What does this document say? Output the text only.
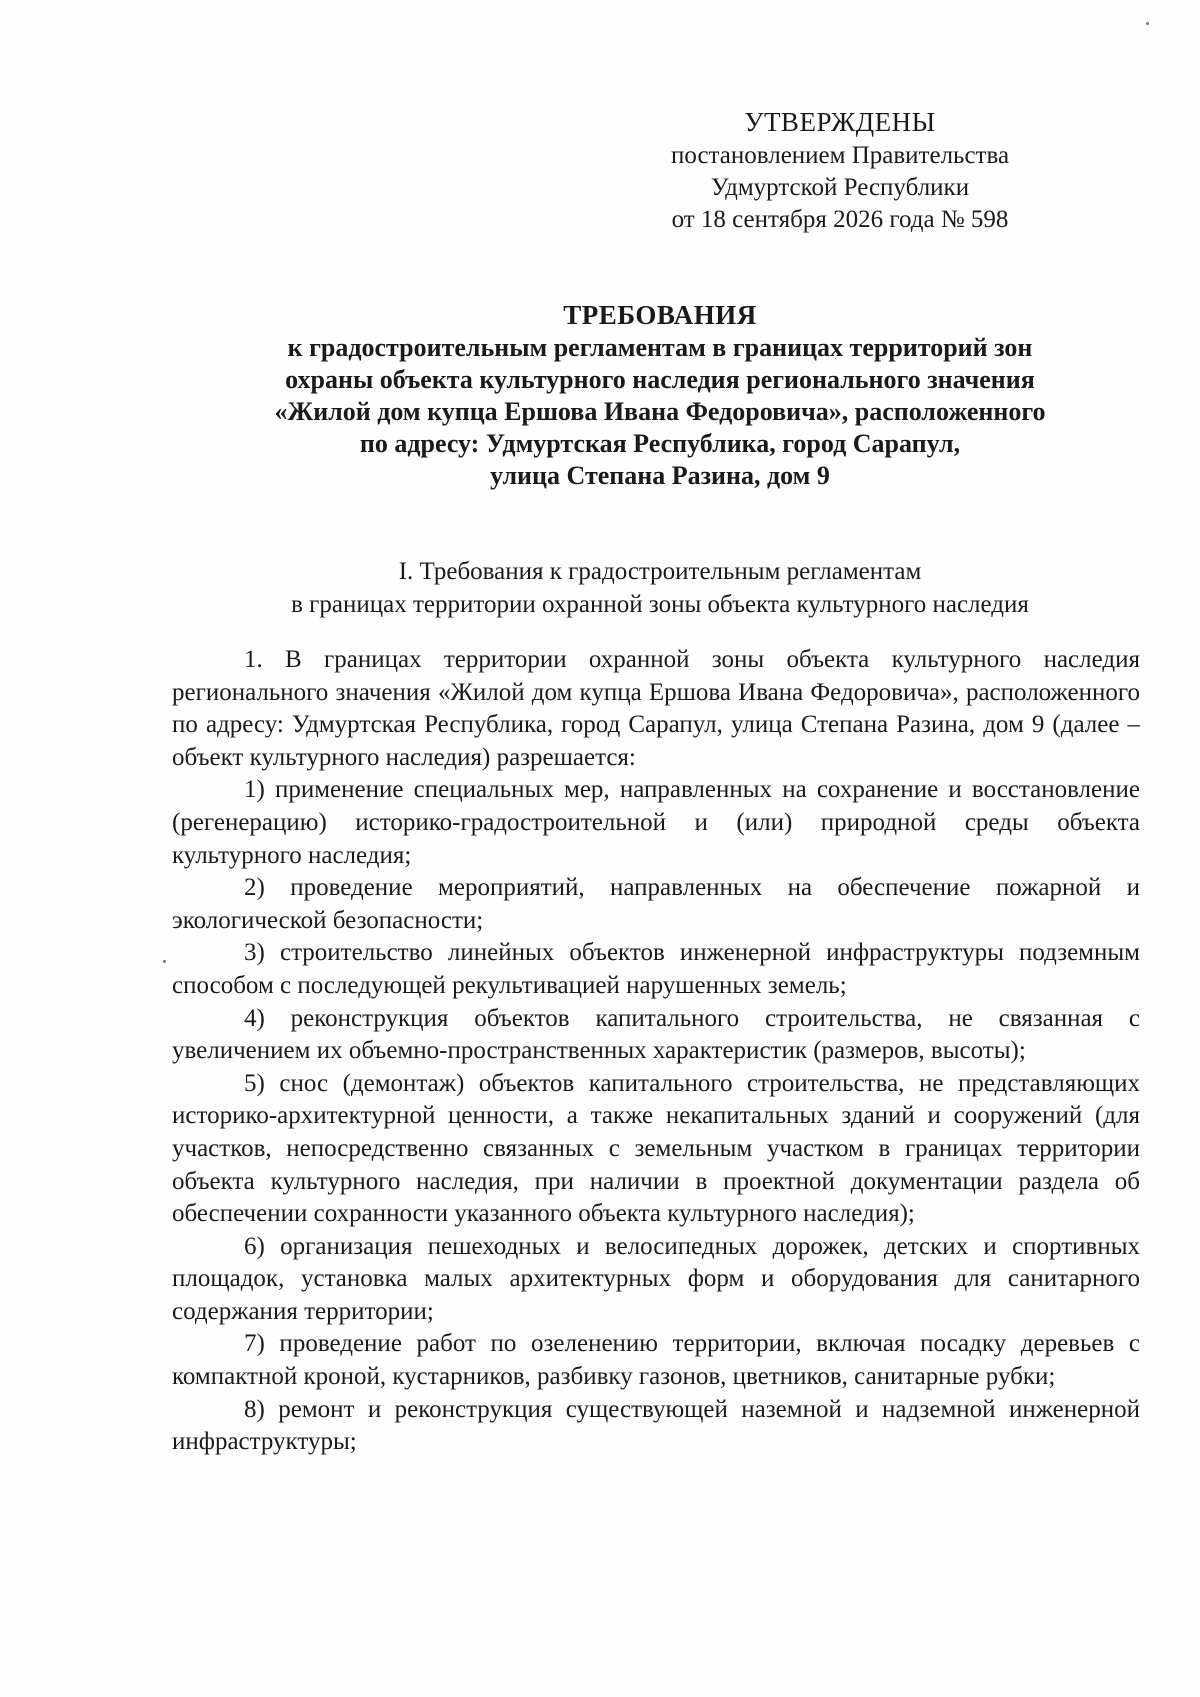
УТВЕРЖДЕНЫ
постановлением Правительства
Удмуртской Республики
от 18 сентября 2026 года № 598
ТРЕБОВАНИЯ
к градостроительным регламентам в границах территорий зон
охраны объекта культурного наследия регионального значения
«Жилой дом купца Ершова Ивана Федоровича», расположенного
по адресу: Удмуртская Республика, город Сарапул,
улица Степана Разина, дом 9
I. Требования к градостроительным регламентам
в границах территории охранной зоны объекта культурного наследия

1. В границах территории охранной зоны объекта культурного наследия регионального значения «Жилой дом купца Ершова Ивана Федоровича», расположенного по адресу: Удмуртская Республика, город Сарапул, улица Степана Разина, дом 9 (далее – объект культурного наследия) разрешается:

1) применение специальных мер, направленных на сохранение и восстановление (регенерацию) историко-градостроительной и (или) природной среды объекта культурного наследия;

2) проведение мероприятий, направленных на обеспечение пожарной и экологической безопасности;

3) строительство линейных объектов инженерной инфраструктуры подземным способом с последующей рекультивацией нарушенных земель;

4) реконструкция объектов капитального строительства, не связанная с увеличением их объемно-пространственных характеристик (размеров, высоты);

5) снос (демонтаж) объектов капитального строительства, не представляющих историко-архитектурной ценности, а также некапитальных зданий и сооружений (для участков, непосредственно связанных с земельным участком в границах территории объекта культурного наследия, при наличии в проектной документации раздела об обеспечении сохранности указанного объекта культурного наследия);

6) организация пешеходных и велосипедных дорожек, детских и спортивных площадок, установка малых архитектурных форм и оборудования для санитарного содержания территории;

7) проведение работ по озеленению территории, включая посадку деревьев с компактной кроной, кустарников, разбивку газонов, цветников, санитарные рубки;

8) ремонт и реконструкция существующей наземной и надземной инженерной инфраструктуры;
